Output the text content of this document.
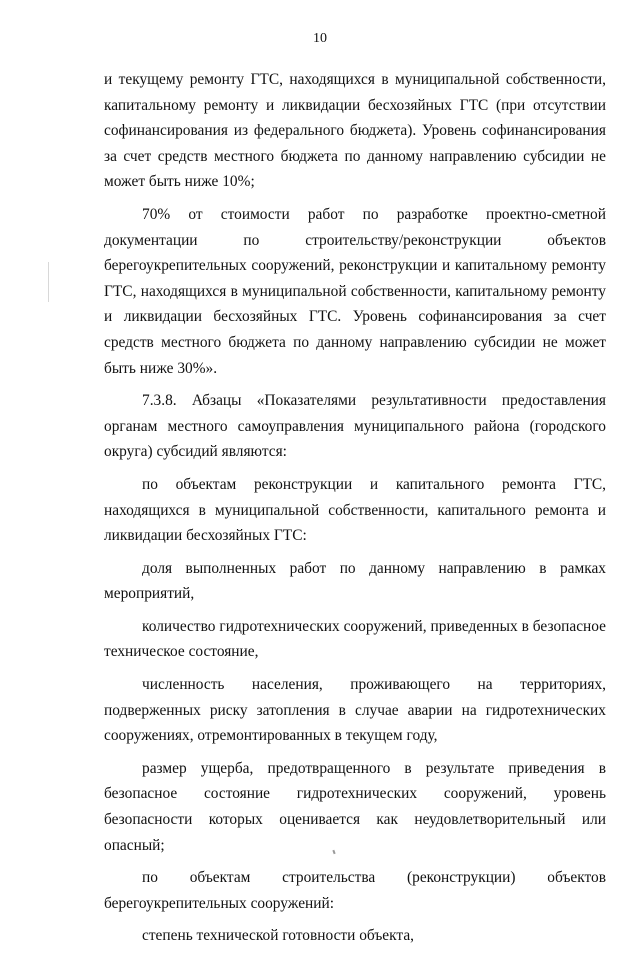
10

и текущему ремонту ГТС, находящихся в муниципальной собственности, капитальному ремонту и ликвидации бесхозяйных ГТС (при отсутствии софинансирования из федерального бюджета). Уровень софинансирования за счет средств местного бюджета по данному направлению субсидии не может быть ниже 10%;

70% от стоимости работ по разработке проектно-сметной документации по строительству/реконструкции объектов берегоукрепительных сооружений, реконструкции и капитальному ремонту ГТС, находящихся в муниципальной собственности, капитальному ремонту и ликвидации бесхозяйных ГТС. Уровень софинансирования за счет средств местного бюджета по данному направлению субсидии не может быть ниже 30%».

7.3.8. Абзацы «Показателями результативности предоставления органам местного самоуправления муниципального района (городского округа) субсидий являются:

по объектам реконструкции и капитального ремонта ГТС, находящихся в муниципальной собственности, капитального ремонта и ликвидации бесхозяйных ГТС:

доля выполненных работ по данному направлению в рамках мероприятий,

количество гидротехнических сооружений, приведенных в безопасное техническое состояние,

численность населения, проживающего на территориях, подверженных риску затопления в случае аварии на гидротехнических сооружениях, отремонтированных в текущем году,

размер ущерба, предотвращенного в результате приведения в безопасное состояние гидротехнических сооружений, уровень безопасности которых оценивается как неудовлетворительный или опасный;

по объектам строительства (реконструкции) объектов берегоукрепительных сооружений:

степень технической готовности объекта,
